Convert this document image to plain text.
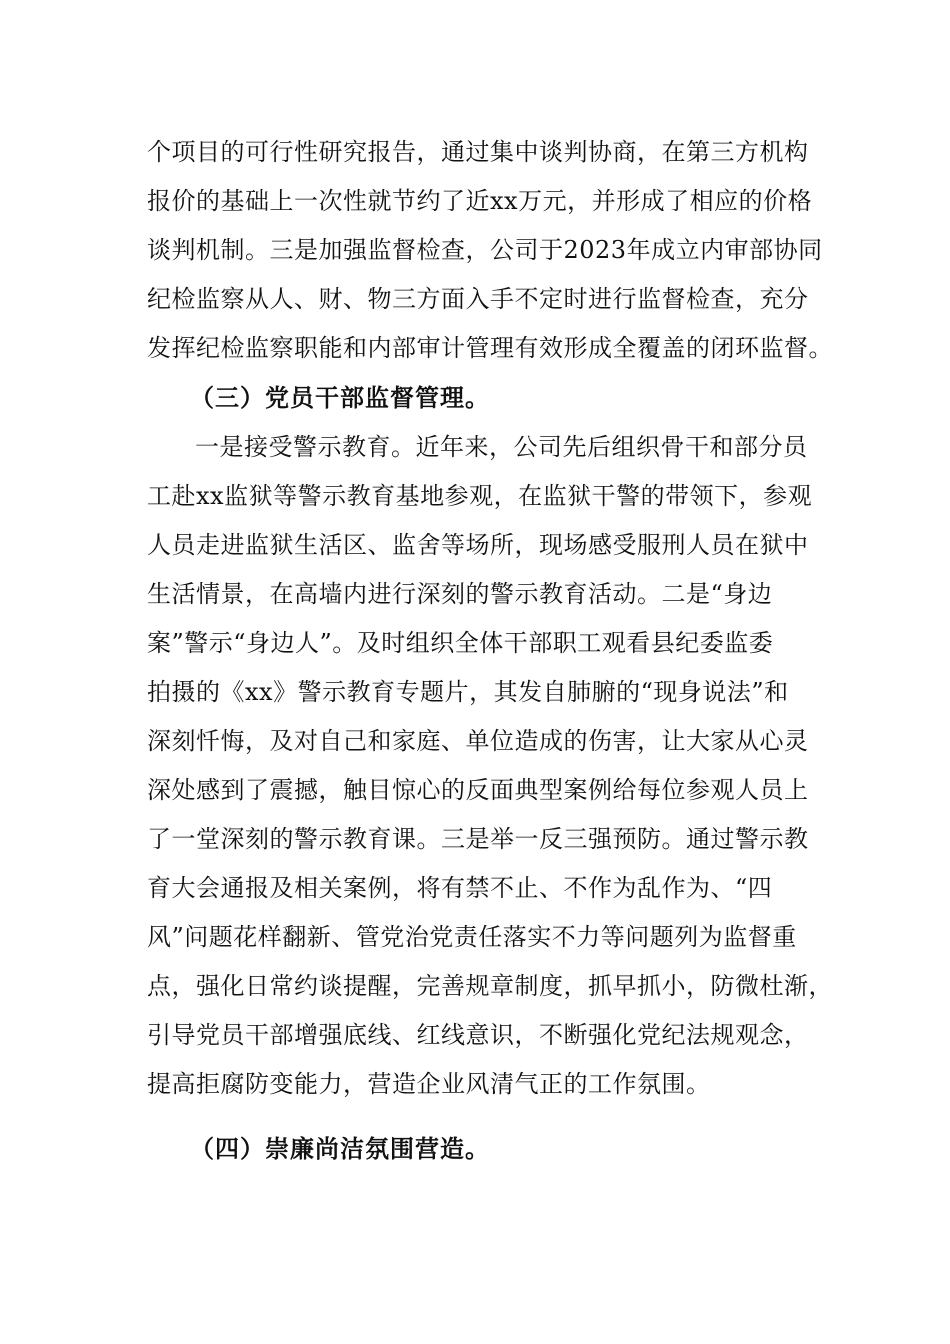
个项目的可行性研究报告，通过集中谈判协商，在第三方机构
报价的基础上一次性就节约了近xx万元，并形成了相应的价格
谈判机制。三是加强监督检查，公司于2023年成立内审部协同
纪检监察从人、财、物三方面入手不定时进行监督检查，充分
发挥纪检监察职能和内部审计管理有效形成全覆盖的闭环监督。
（三）党员干部监督管理。
一是接受警示教育。近年来，公司先后组织骨干和部分员
工赴xx监狱等警示教育基地参观，在监狱干警的带领下，参观
人员走进监狱生活区、监舍等场所，现场感受服刑人员在狱中
生活情景，在高墙内进行深刻的警示教育活动。二是“身边
案”警示“身边人”。及时组织全体干部职工观看县纪委监委
拍摄的《xx》警示教育专题片，其发自肺腑的“现身说法”和
深刻忏悔，及对自己和家庭、单位造成的伤害，让大家从心灵
深处感到了震撼，触目惊心的反面典型案例给每位参观人员上
了一堂深刻的警示教育课。三是举一反三强预防。通过警示教
育大会通报及相关案例，将有禁不止、不作为乱作为、“四
风”问题花样翻新、管党治党责任落实不力等问题列为监督重
点，强化日常约谈提醒，完善规章制度，抓早抓小，防微杜渐，
引导党员干部增强底线、红线意识，不断强化党纪法规观念，
提高拒腐防变能力，营造企业风清气正的工作氛围。
（四）崇廉尚洁氛围营造。
